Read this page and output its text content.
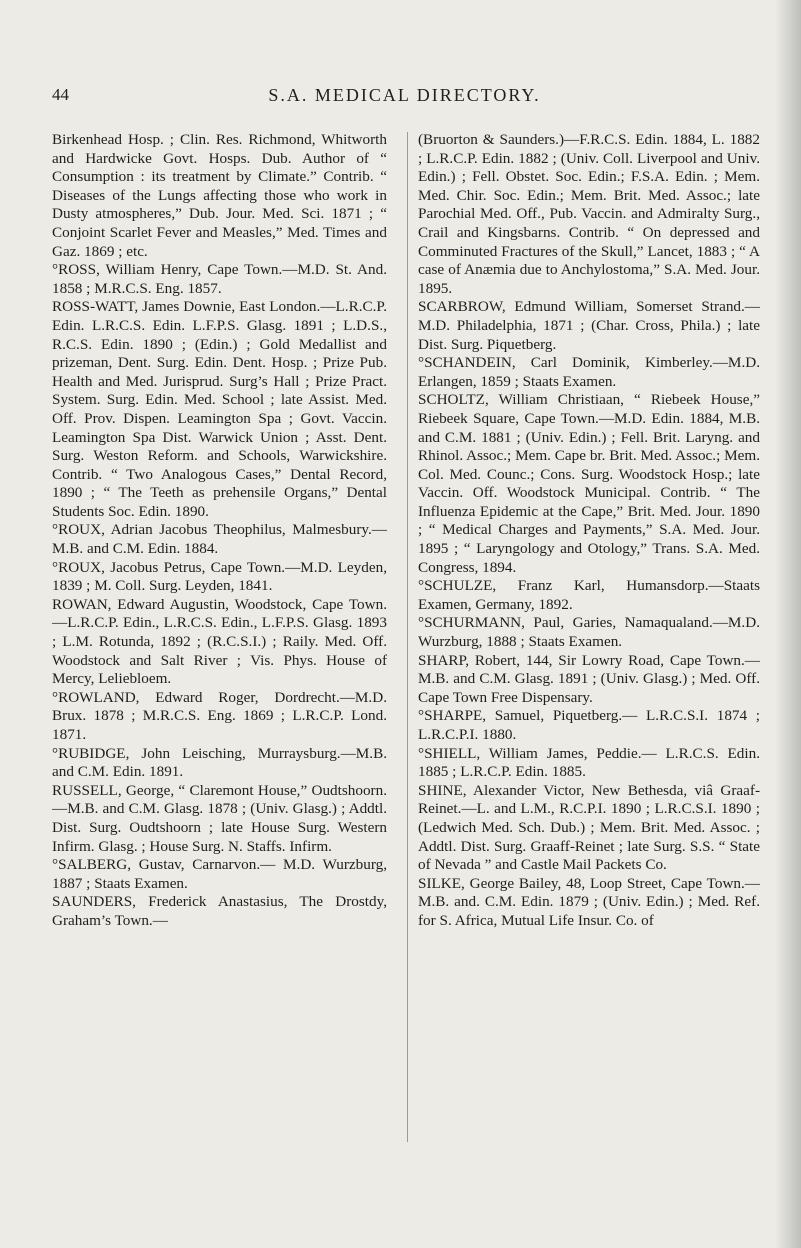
44	S.A. MEDICAL DIRECTORY.

Birkenhead Hosp. ; Clin. Res. Richmond, Whitworth and Hardwicke Govt. Hosps. Dub. Author of “ Consumption : its treatment by Climate.” Contrib. “ Diseases of the Lungs affecting those who work in Dusty atmospheres,” Dub. Jour. Med. Sci. 1871 ; “ Conjoint Scarlet Fever and Measles,” Med. Times and Gaz. 1869 ; etc.

°ROSS, William Henry, Cape Town.—M.D. St. And. 1858 ; M.R.C.S. Eng. 1857.

ROSS-WATT, James Downie, East London.—L.R.C.P. Edin. L.R.C.S. Edin. L.F.P.S. Glasg. 1891 ; L.D.S., R.C.S. Edin. 1890 ; (Edin.) ; Gold Medallist and prizeman, Dent. Surg. Edin. Dent. Hosp. ; Prize Pub. Health and Med. Jurisprud. Surg’s Hall ; Prize Pract. System. Surg. Edin. Med. School ; late Assist. Med. Off. Prov. Dispen. Leamington Spa ; Govt. Vaccin. Leamington Spa Dist. Warwick Union ; Asst. Dent. Surg. Weston Reform. and Schools, Warwickshire. Contrib. “ Two Analogous Cases,” Dental Record, 1890 ; “ The Teeth as prehensile Organs,” Dental Students Soc. Edin. 1890.

°ROUX, Adrian Jacobus Theophilus, Malmesbury.—M.B. and C.M. Edin. 1884.

°ROUX, Jacobus Petrus, Cape Town.—M.D. Leyden, 1839 ; M. Coll. Surg. Leyden, 1841.

ROWAN, Edward Augustin, Woodstock, Cape Town.—L.R.C.P. Edin., L.R.C.S. Edin., L.F.P.S. Glasg. 1893 ; L.M. Rotunda, 1892 ; (R.C.S.I.) ; Raily. Med. Off. Woodstock and Salt River ; Vis. Phys. House of Mercy, Leliebloem.

°ROWLAND, Edward Roger, Dordrecht.—M.D. Brux. 1878 ; M.R.C.S. Eng. 1869 ; L.R.C.P. Lond. 1871.

°RUBIDGE, John Leisching, Murraysburg.—M.B. and C.M. Edin. 1891.

RUSSELL, George, “ Claremont House,” Oudtshoorn.—M.B. and C.M. Glasg. 1878 ; (Univ. Glasg.) ; Addtl. Dist. Surg. Oudtshoorn ; late House Surg. Western Infirm. Glasg. ; House Surg. N. Staffs. Infirm.

°SALBERG, Gustav, Carnarvon.— M.D. Wurzburg, 1887 ; Staats Examen.

SAUNDERS, Frederick Anastasius, The Drostdy, Graham’s Town.—

(Bruorton & Saunders.)—F.R.C.S. Edin. 1884, L. 1882 ; L.R.C.P. Edin. 1882 ; (Univ. Coll. Liverpool and Univ. Edin.) ; Fell. Obstet. Soc. Edin.; F.S.A. Edin. ; Mem. Med. Chir. Soc. Edin.; Mem. Brit. Med. Assoc.; late Parochial Med. Off., Pub. Vaccin. and Admiralty Surg., Crail and Kingsbarns. Contrib. “ On depressed and Comminuted Fractures of the Skull,” Lancet, 1883 ; “ A case of Anæmia due to Anchylostoma,” S.A. Med. Jour. 1895.

SCARBROW, Edmund William, Somerset Strand.—M.D. Philadelphia, 1871 ; (Char. Cross, Phila.) ; late Dist. Surg. Piquetberg.

°SCHANDEIN, Carl Dominik, Kimberley.—M.D. Erlangen, 1859 ; Staats Examen.

SCHOLTZ, William Christiaan, “ Riebeek House,” Riebeek Square, Cape Town.—M.D. Edin. 1884, M.B. and C.M. 1881 ; (Univ. Edin.) ; Fell. Brit. Laryng. and Rhinol. Assoc.; Mem. Cape br. Brit. Med. Assoc.; Mem. Col. Med. Counc.; Cons. Surg. Woodstock Hosp.; late Vaccin. Off. Woodstock Municipal. Contrib. “ The Influenza Epidemic at the Cape,” Brit. Med. Jour. 1890 ; “ Medical Charges and Payments,” S.A. Med. Jour. 1895 ; “ Laryngology and Otology,” Trans. S.A. Med. Congress, 1894.

°SCHULZE, Franz Karl, Humansdorp.—Staats Examen, Germany, 1892.

°SCHURMANN, Paul, Garies, Namaqualand.—M.D. Wurzburg, 1888 ; Staats Examen.

SHARP, Robert, 144, Sir Lowry Road, Cape Town.—M.B. and C.M. Glasg. 1891 ; (Univ. Glasg.) ; Med. Off. Cape Town Free Dispensary.

°SHARPE, Samuel, Piquetberg.— L.R.C.S.I. 1874 ; L.R.C.P.I. 1880.

°SHIELL, William James, Peddie.— L.R.C.S. Edin. 1885 ; L.R.C.P. Edin. 1885.

SHINE, Alexander Victor, New Bethesda, viâ Graaf-Reinet.—L. and L.M., R.C.P.I. 1890 ; L.R.C.S.I. 1890 ; (Ledwich Med. Sch. Dub.) ; Mem. Brit. Med. Assoc. ; Addtl. Dist. Surg. Graaff-Reinet ; late Surg. S.S. “ State of Nevada ” and Castle Mail Packets Co.

SILKE, George Bailey, 48, Loop Street, Cape Town.—M.B. and. C.M. Edin. 1879 ; (Univ. Edin.) ; Med. Ref. for S. Africa, Mutual Life Insur. Co. of
